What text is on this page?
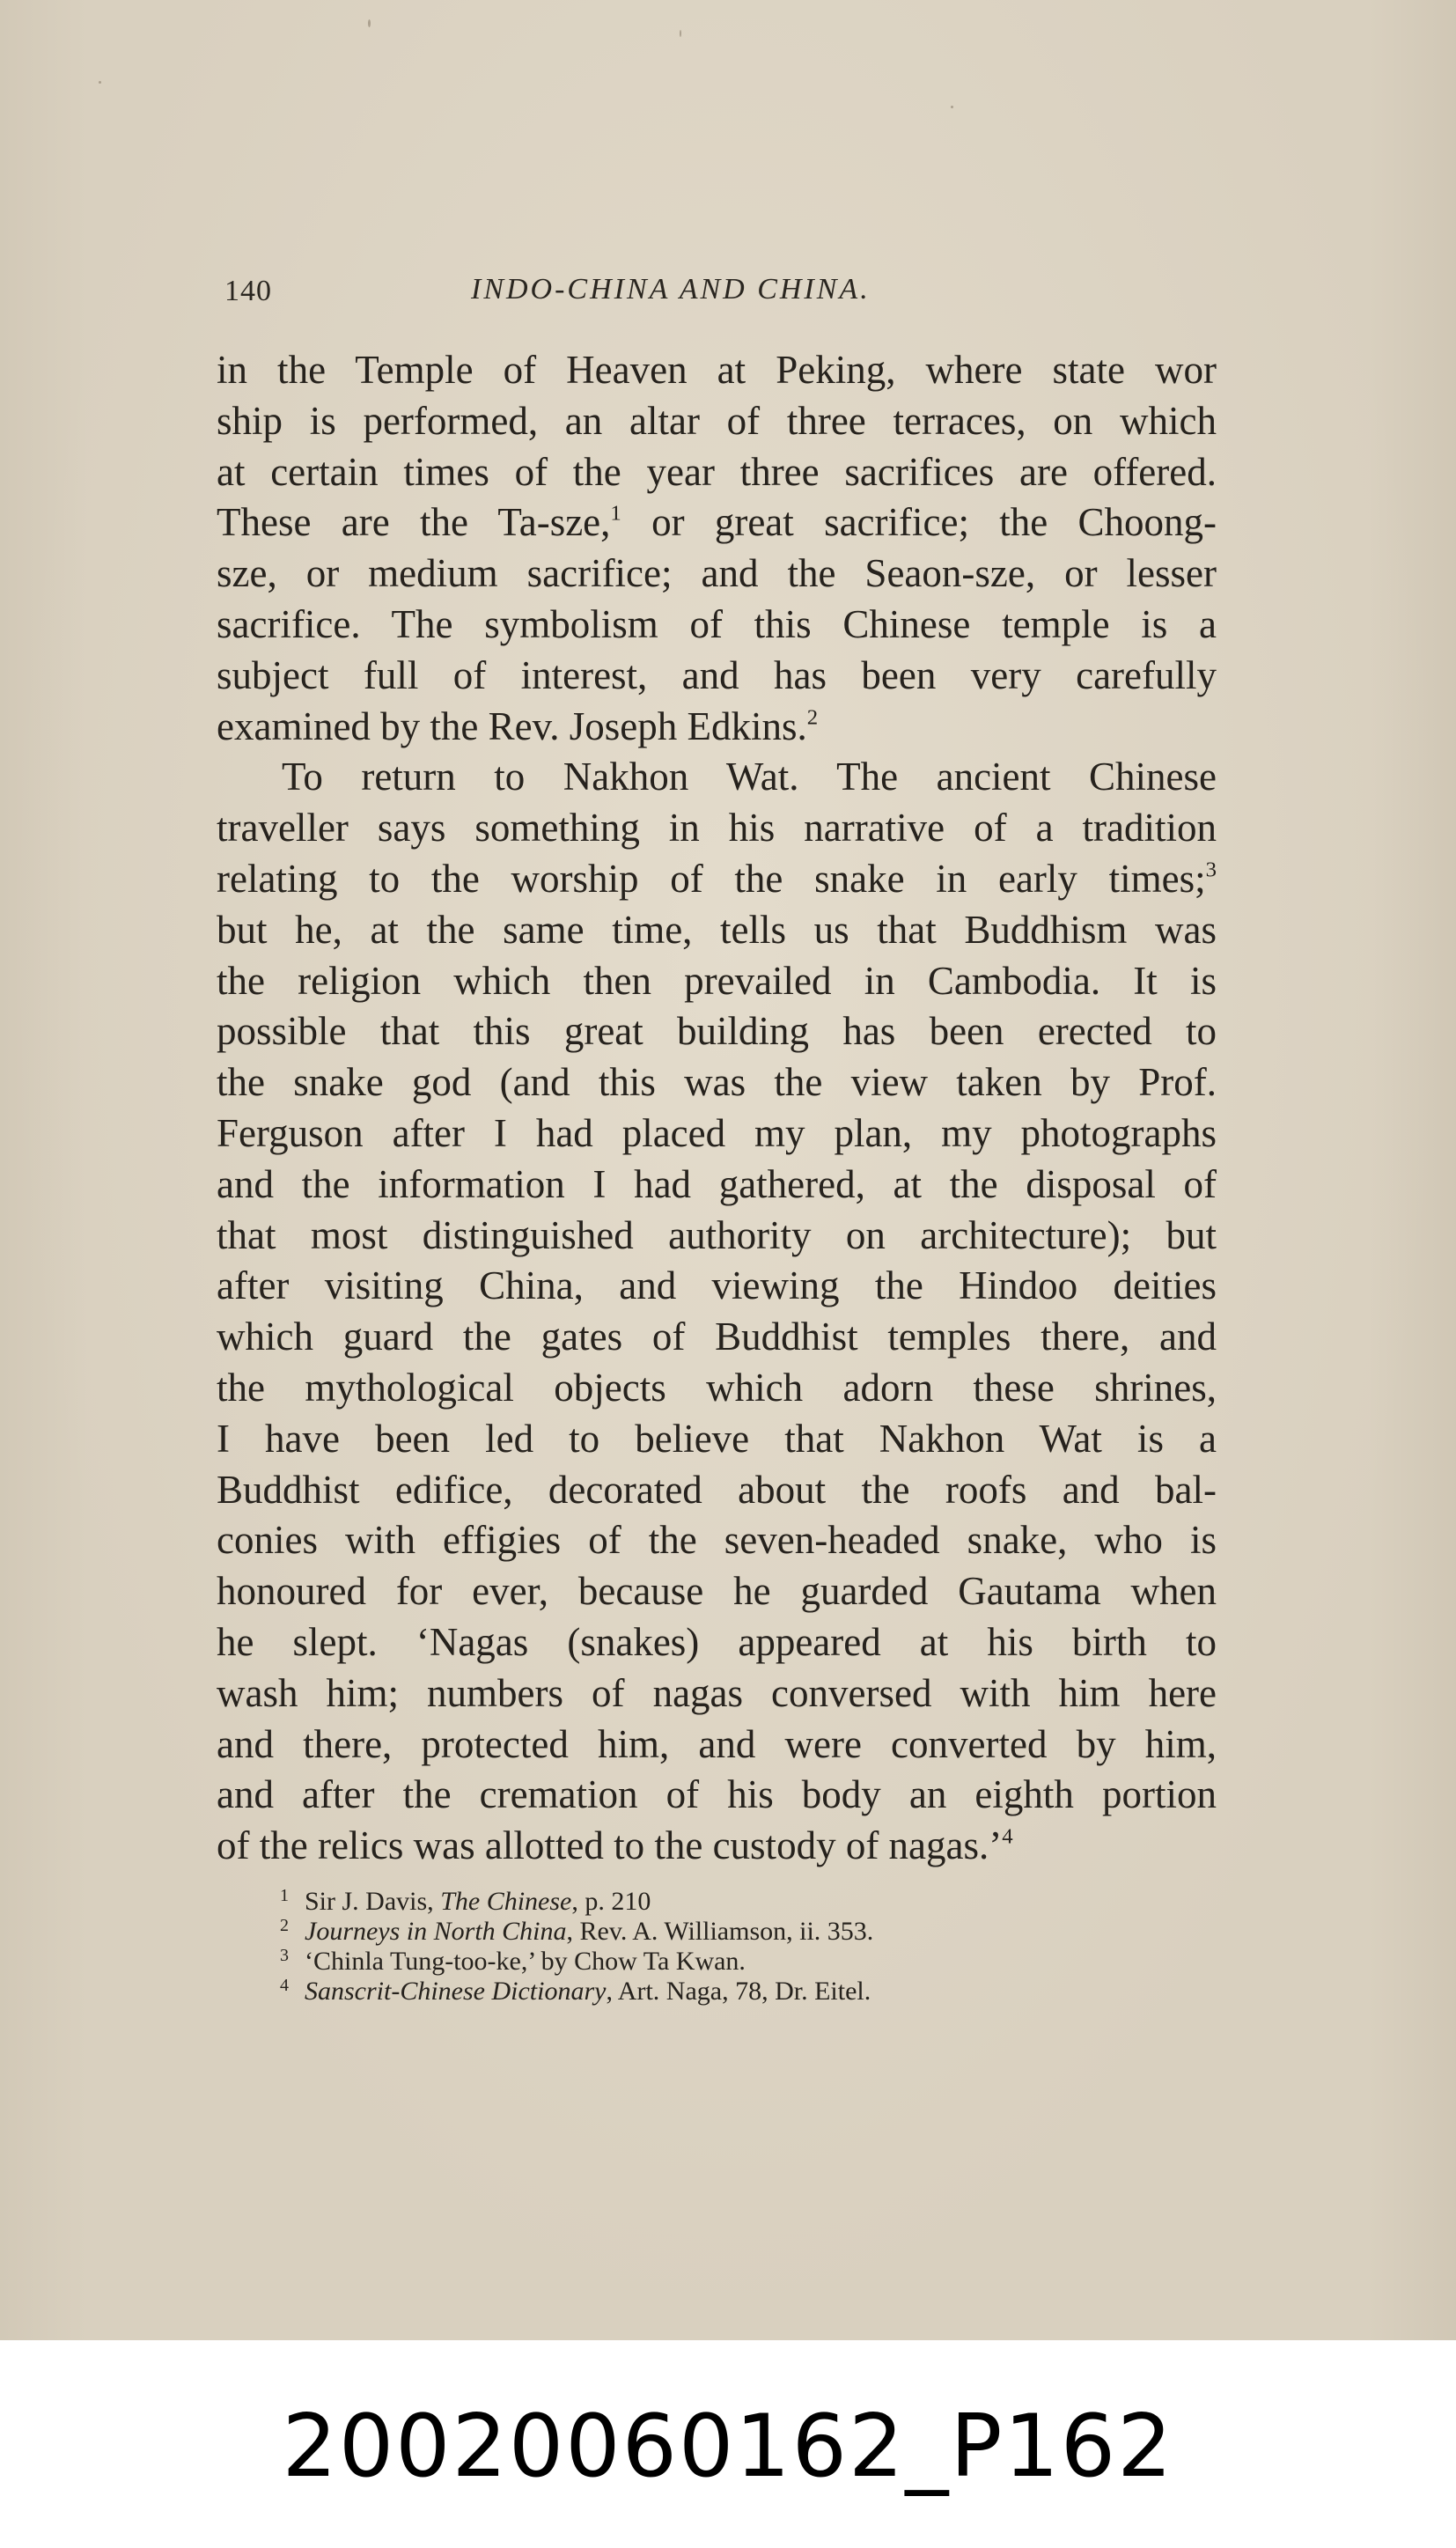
140	INDO-CHINA AND CHINA.
in the Temple of Heaven at Peking, where state wor
ship is performed, an altar of three terraces, on which
at certain times of the year three sacrifices are offered.
These are the Ta-sze,$^1$ or great sacrifice; the Choong-
sze, or medium sacrifice; and the Seaon-sze, or lesser
sacrifice. The symbolism of this Chinese temple is a
subject full of interest, and has been very carefully
examined by the Rev. Joseph Edkins.$^2$
To return to Nakhon Wat. The ancient Chinese
traveller says something in his narrative of a tradition
relating to the worship of the snake in early times;$^3$
but he, at the same time, tells us that Buddhism was
the religion which then prevailed in Cambodia. It is
possible that this great building has been erected to
the snake god (and this was the view taken by Prof.
Ferguson after I had placed my plan, my photographs
and the information I had gathered, at the disposal of
that most distinguished authority on architecture); but
after visiting China, and viewing the Hindoo deities
which guard the gates of Buddhist temples there, and
the mythological objects which adorn these shrines,
I have been led to believe that Nakhon Wat is a
Buddhist edifice, decorated about the roofs and bal-
conies with effigies of the seven-headed snake, who is
honoured for ever, because he guarded Gautama when
he slept. ‘Nagas (snakes) appeared at his birth to
wash him; numbers of nagas conversed with him here
and there, protected him, and were converted by him,
and after the cremation of his body an eighth portion
of the relics was allotted to the custody of nagas.’$^4$
1 Sir J. Davis, The Chinese, p. 210
2 Journeys in North China, Rev. A. Williamson, ii. 353.
3 ‘Chinla Tung-too-ke,’ by Chow Ta Kwan.
4 Sanscrit-Chinese Dictionary, Art. Naga, 78, Dr. Eitel.
20020060162_P162
